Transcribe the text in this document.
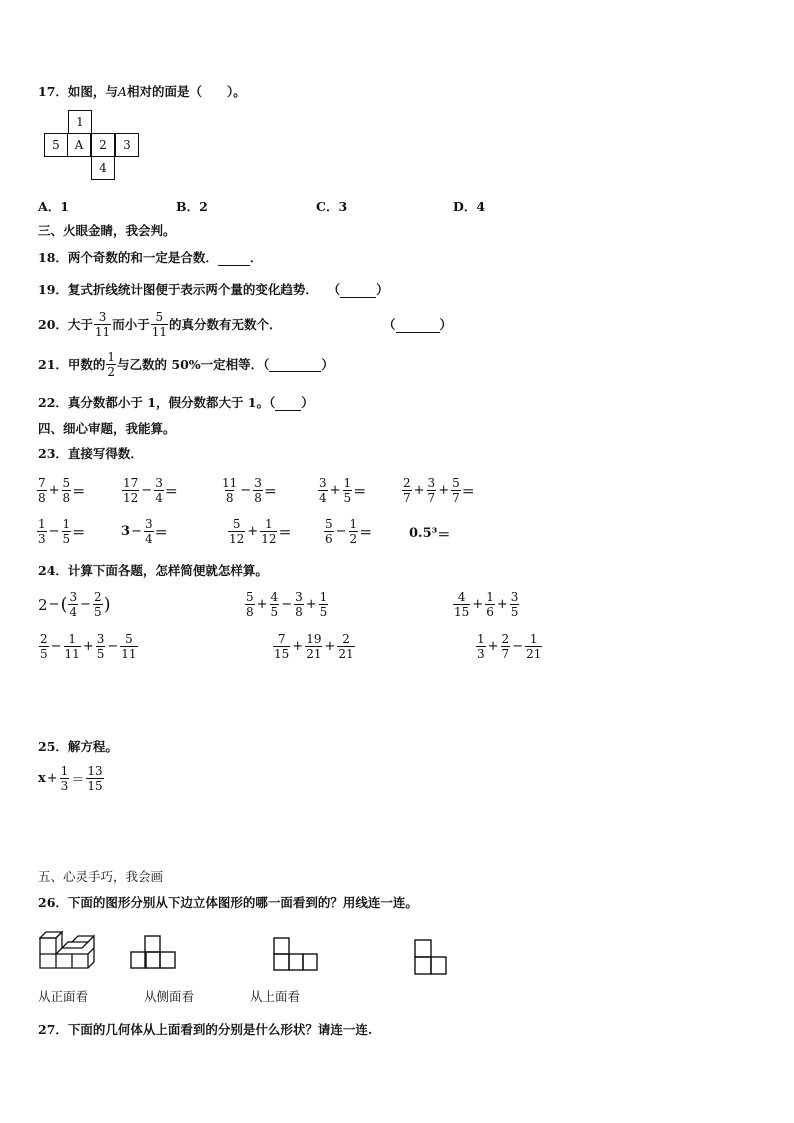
17．如图，与A相对的面是（　　）。
1
5	A	2	3
4
A．1	B．2	C．3	D．4
三、火眼金睛，我会判。
18．两个奇数的和一定是合数．	．
19．复式折线统计图便于表示两个量的变化趋势． （	）
20．大于 $\frac{3}{11}$ 而小于 $\frac{5}{11}$ 的真分数有无数个．	（	）
21．甲数的 $\frac{1}{2}$ 与乙数的 50%一定相等．（	）
22．真分数都小于 1，假分数都大于 1。（ ）
四、细心审题，我能算。
23．直接写得数．
$\frac{7}{8} + \frac{5}{8}$ ＝	$\frac{17}{12} - \frac{3}{4}$ ＝	$\frac{11}{8} - \frac{3}{8}$ ＝	$\frac{3}{4} + \frac{1}{5}$ ＝	$\frac{2}{7} + \frac{3}{7} + \frac{5}{7}$ ＝
$\frac{1}{3} - \frac{1}{5}$ ＝	$3 - \frac{3}{4}$ ＝	$\frac{5}{12} + \frac{1}{12}$ ＝	$\frac{5}{6} - \frac{1}{2}$ ＝	0.5³ ＝
24．计算下面各题，怎样简便就怎样算。
2 − ( $\frac{3}{4} - \frac{2}{5}$ )	$\frac{5}{8} + \frac{4}{5} - \frac{3}{8} + \frac{1}{5}$	$\frac{4}{15} + \frac{1}{6} + \frac{3}{5}$
$\frac{2}{5} - \frac{1}{11} + \frac{3}{5} - \frac{5}{11}$	$\frac{7}{15} + \frac{19}{21} + \frac{2}{21}$	$\frac{1}{3} + \frac{2}{7} - \frac{1}{21}$
25．解方程。
$x + \frac{1}{3} = \frac{13}{15}$
五、心灵手巧，我会画
26．下面的图形分别从下边立体图形的哪一面看到的？用线连一连。
从正面看	从侧面看	从上面看
27．下面的几何体从上面看到的分别是什么形状？请连一连.
